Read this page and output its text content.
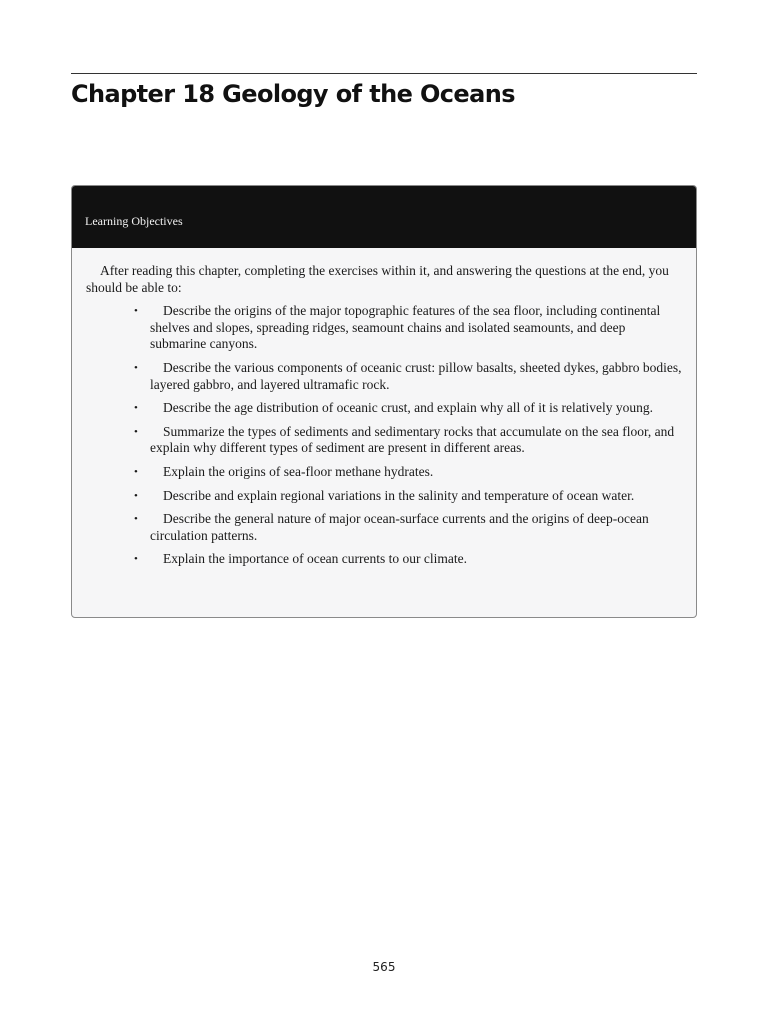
Chapter 18 Geology of the Oceans
Learning Objectives

After reading this chapter, completing the exercises within it, and answering the questions at the end, you should be able to:

• Describe the origins of the major topographic features of the sea floor, including continental shelves and slopes, spreading ridges, seamount chains and isolated seamounts, and deep submarine canyons.
• Describe the various components of oceanic crust: pillow basalts, sheeted dykes, gabbro bodies, layered gabbro, and layered ultramafic rock.
• Describe the age distribution of oceanic crust, and explain why all of it is relatively young.
• Summarize the types of sediments and sedimentary rocks that accumulate on the sea floor, and explain why different types of sediment are present in different areas.
• Explain the origins of sea-floor methane hydrates.
• Describe and explain regional variations in the salinity and temperature of ocean water.
• Describe the general nature of major ocean-surface currents and the origins of deep-ocean circulation patterns.
• Explain the importance of ocean currents to our climate.
565
